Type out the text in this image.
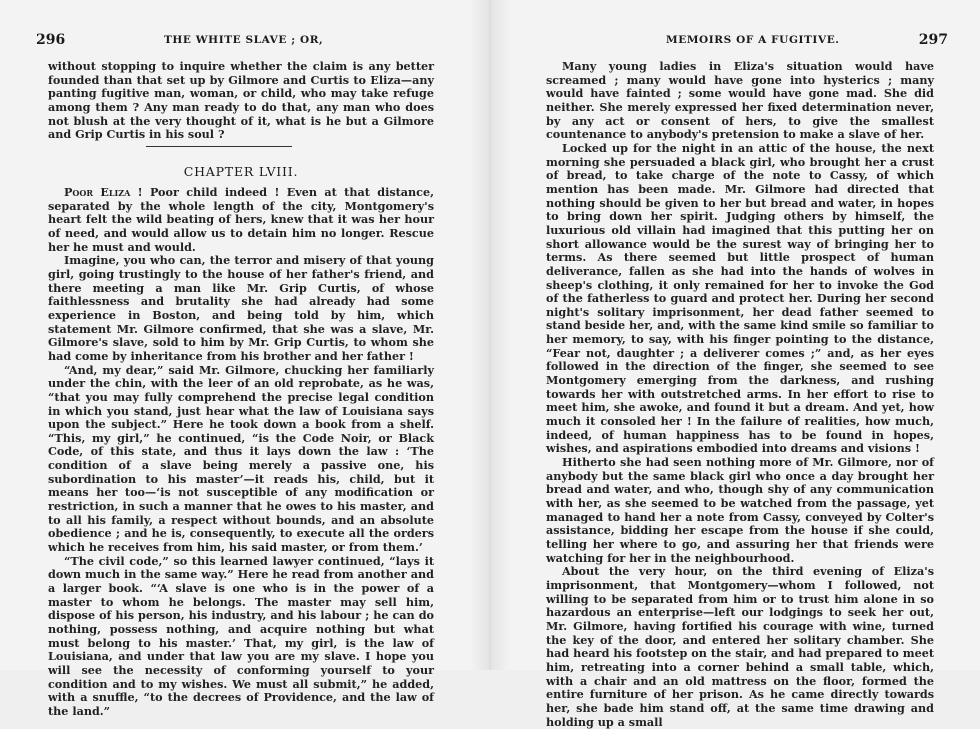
296	THE WHITE SLAVE ; OR,

without stopping to inquire whether the claim is any better founded than that set up by Gilmore and Curtis to Eliza—any panting fugitive man, woman, or child, who may take refuge among them ? Any man ready to do that, any man who does not blush at the very thought of it, what is he but a Gilmore and Grip Curtis in his soul ?

CHAPTER LVIII.

Poor Eliza ! Poor child indeed ! Even at that distance, separated by the whole length of the city, Montgomery's heart felt the wild beating of hers, knew that it was her hour of need, and would allow us to detain him no longer. Rescue her he must and would.

Imagine, you who can, the terror and misery of that young girl, going trustingly to the house of her father's friend, and there meeting a man like Mr. Grip Curtis, of whose faithlessness and brutality she had already had some experience in Boston, and being told by him, which statement Mr. Gilmore confirmed, that she was a slave, Mr. Gilmore's slave, sold to him by Mr. Grip Curtis, to whom she had come by inheritance from his brother and her father !

“And, my dear,” said Mr. Gilmore, chucking her familiarly under the chin, with the leer of an old reprobate, as he was, “that you may fully comprehend the precise legal condition in which you stand, just hear what the law of Louisiana says upon the subject.” Here he took down a book from a shelf. “This, my girl,” he continued, “is the Code Noir, or Black Code, of this state, and thus it lays down the law : ‘The condition of a slave being merely a passive one, his subordination to his master’—it reads his, child, but it means her too—‘is not susceptible of any modification or restriction, in such a manner that he owes to his master, and to all his family, a respect without bounds, and an absolute obedience ; and he is, consequently, to execute all the orders which he receives from him, his said master, or from them.’

“The civil code,” so this learned lawyer continued, “lays it down much in the same way.” Here he read from another and a larger book. “‘A slave is one who is in the power of a master to whom he belongs. The master may sell him, dispose of his person, his industry, and his labour ; he can do nothing, possess nothing, and acquire nothing but what must belong to his master.’ That, my girl, is the law of Louisiana, and under that law you are my slave. I hope you will see the necessity of conforming yourself to your condition and to my wishes. We must all submit,” he added, with a snuffle, “to the decrees of Providence, and the law of the land.”

MEMOIRS OF A FUGITIVE.	297

Many young ladies in Eliza's situation would have screamed ; many would have gone into hysterics ; many would have fainted ; some would have gone mad. She did neither. She merely expressed her fixed determination never, by any act or consent of hers, to give the smallest countenance to anybody's pretension to make a slave of her.

Locked up for the night in an attic of the house, the next morning she persuaded a black girl, who brought her a crust of bread, to take charge of the note to Cassy, of which mention has been made. Mr. Gilmore had directed that nothing should be given to her but bread and water, in hopes to bring down her spirit. Judging others by himself, the luxurious old villain had imagined that this putting her on short allowance would be the surest way of bringing her to terms. As there seemed but little prospect of human deliverance, fallen as she had into the hands of wolves in sheep's clothing, it only remained for her to invoke the God of the fatherless to guard and protect her. During her second night's solitary imprisonment, her dead father seemed to stand beside her, and, with the same kind smile so familiar to her memory, to say, with his finger pointing to the distance, “Fear not, daughter ; a deliverer comes ;” and, as her eyes followed in the direction of the finger, she seemed to see Montgomery emerging from the darkness, and rushing towards her with outstretched arms. In her effort to rise to meet him, she awoke, and found it but a dream. And yet, how much it consoled her ! In the failure of realities, how much, indeed, of human happiness has to be found in hopes, wishes, and aspirations embodied into dreams and visions !

Hitherto she had seen nothing more of Mr. Gilmore, nor of anybody but the same black girl who once a day brought her bread and water, and who, though shy of any communication with her, as she seemed to be watched from the passage, yet managed to hand her a note from Cassy, conveyed by Colter's assistance, bidding her escape from the house if she could, telling her where to go, and assuring her that friends were watching for her in the neighbourhood.

About the very hour, on the third evening of Eliza's imprisonment, that Montgomery—whom I followed, not willing to be separated from him or to trust him alone in so hazardous an enterprise—left our lodgings to seek her out, Mr. Gilmore, having fortified his courage with wine, turned the key of the door, and entered her solitary chamber. She had heard his footstep on the stair, and had prepared to meet him, retreating into a corner behind a small table, which, with a chair and an old mattress on the floor, formed the entire furniture of her prison. As he came directly towards her, she bade him stand off, at the same time drawing and holding up a small
